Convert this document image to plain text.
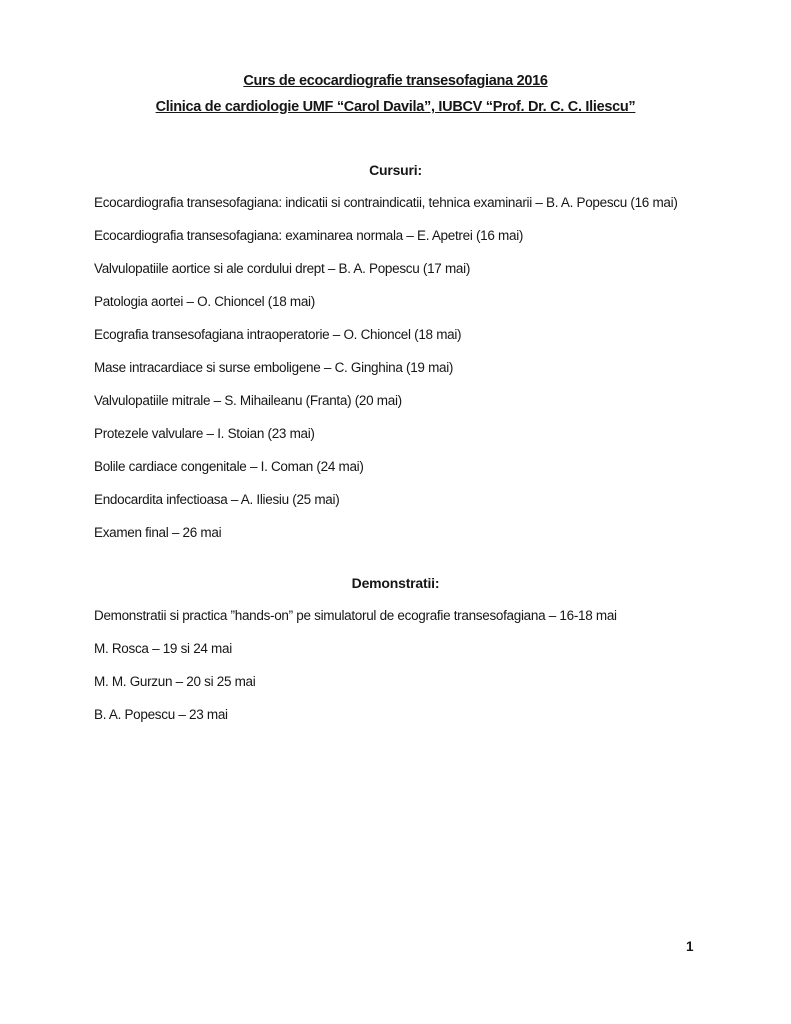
Curs de ecocardiografie transesofagiana 2016
Clinica de cardiologie UMF “Carol Davila”, IUBCV “Prof. Dr. C. C. Iliescu”
Cursuri:

Ecocardiografia transesofagiana: indicatii si contraindicatii, tehnica examinarii – B. A. Popescu (16 mai)

Ecocardiografia transesofagiana: examinarea normala – E. Apetrei (16 mai)

Valvulopatiile aortice si ale cordului drept – B. A. Popescu (17 mai)

Patologia aortei – O. Chioncel (18 mai)

Ecografia transesofagiana intraoperatorie – O. Chioncel (18 mai)

Mase intracardiace si surse emboligene – C. Ginghina (19 mai)

Valvulopatiile mitrale – S. Mihaileanu (Franta) (20 mai)

Protezele valvulare – I. Stoian (23 mai)

Bolile cardiace congenitale – I. Coman (24 mai)

Endocardita infectioasa – A. Iliesiu (25 mai)

Examen final – 26 mai

Demonstratii:

Demonstratii si practica ”hands-on” pe simulatorul de ecografie transesofagiana – 16-18 mai

M. Rosca – 19 si 24 mai

M. M. Gurzun – 20 si 25 mai

B. A. Popescu – 23 mai

1
